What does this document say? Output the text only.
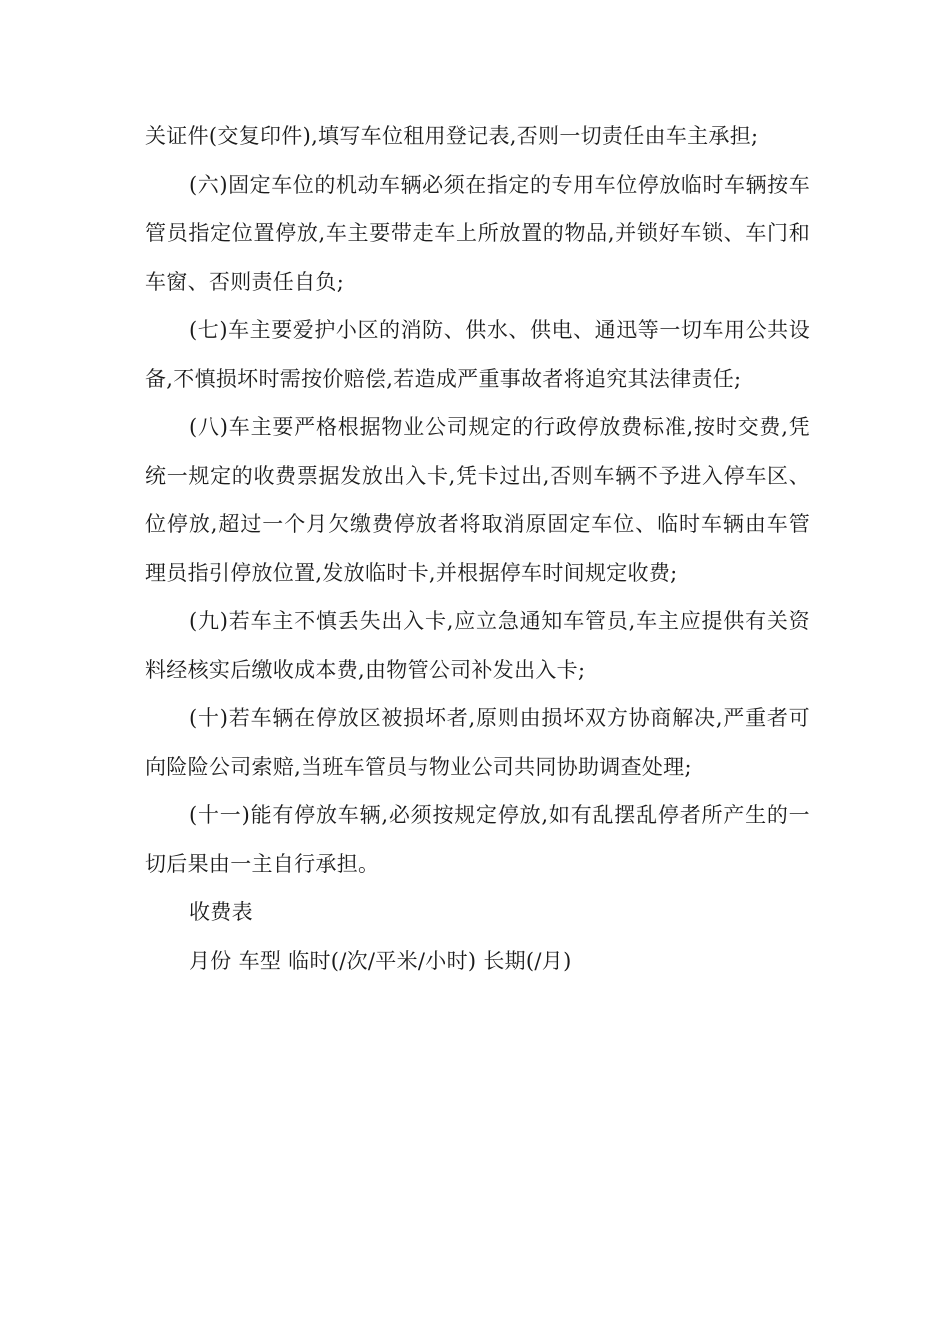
关证件(交复印件),填写车位租用登记表,否则一切责任由车主承担;

(六)固定车位的机动车辆必须在指定的专用车位停放临时车辆按车管员指定位置停放,车主要带走车上所放置的物品,并锁好车锁、车门和车窗、否则责任自负;

(七)车主要爱护小区的消防、供水、供电、通迅等一切车用公共设备,不慎损坏时需按价赔偿,若造成严重事故者将追究其法律责任;

(八)车主要严格根据物业公司规定的行政停放费标准,按时交费,凭统一规定的收费票据发放出入卡,凭卡过出,否则车辆不予进入停车区、位停放,超过一个月欠缴费停放者将取消原固定车位、临时车辆由车管理员指引停放位置,发放临时卡,并根据停车时间规定收费;

(九)若车主不慎丢失出入卡,应立急通知车管员,车主应提供有关资料经核实后缴收成本费,由物管公司补发出入卡;

(十)若车辆在停放区被损坏者,原则由损坏双方协商解决,严重者可向险险公司索赔,当班车管员与物业公司共同协助调查处理;

(十一)能有停放车辆,必须按规定停放,如有乱摆乱停者所产生的一切后果由一主自行承担。

收费表

月份 车型 临时(/次/平米/小时) 长期(/月)
